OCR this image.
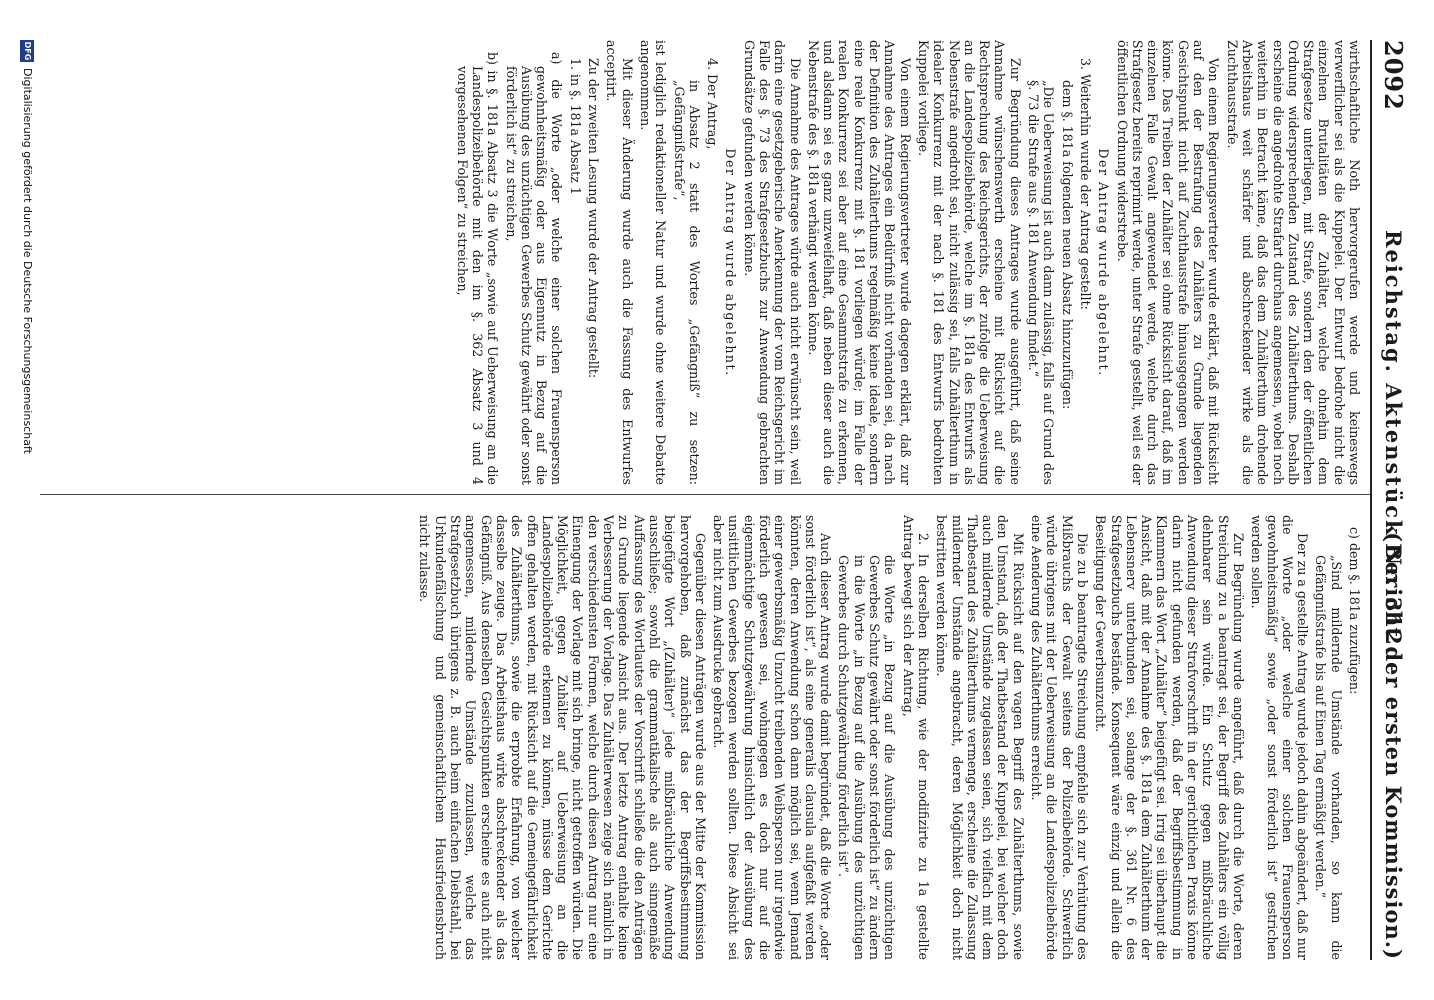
2092
Reichstag. Aktenstück Nr. 312.
(Bericht der ersten Kommission.)

wirthschaftliche Noth hervorgerufen werde und keineswegs verwerflicher sei als die Kuppelei. Der Entwurf bedrohe nicht die einzelnen Brutalitäten der Zuhälter, welche ohnehin dem Strafgesetze unterliegen, mit Strafe, sondern den der öffentlichen Ordnung widersprechenden Zustand des Zuhälterthums. Deshalb erscheine die angedrohte Strafart durchaus angemessen, wobei noch weiterhin in Betracht käme, daß das dem Zuhälterthum drohende Arbeitshaus weit schärfer und abschreckender wirke als die Zuchthausstrafe.

Von einem Regierungsvertreter wurde erklärt, daß mit Rücksicht auf den der Bestrafung des Zuhälters zu Grunde liegenden Gesichtspunkt nicht auf Zuchthausstrafe hinausgegangen werden könne. Das Treiben der Zuhälter sei ohne Rücksicht darauf, daß im einzelnen Falle Gewalt angewendet werde, welche durch das Strafgesetz bereits reprimirt werde, unter Strafe gestellt, weil es der öffentlichen Ordnung widerstrebe.

Der Antrag wurde abgelehnt.

3. Weiterhin wurde der Antrag gestellt:

dem §. 181a folgenden neuen Absatz hinzuzufügen:

„Die Ueberweisung ist auch dann zulässig, falls auf Grund des §. 73 die Strafe aus §. 181 Anwendung findet.“

Zur Begründung dieses Antrages wurde ausgeführt, daß seine Annahme wünschenswerth erscheine mit Rücksicht auf die Rechtsprechung des Reichsgerichts, der zufolge die Ueberweisung an die Landespolizeibehörde, welche im §. 181a des Entwurfs als Nebenstrafe angedroht sei, nicht zulässig sei, falls Zuhälterthum in idealer Konkurrenz mit der nach §. 181 des Entwurfs bedrohten Kuppelei vorliege.

Von einem Regierungsvertreter wurde dagegen erklärt, daß zur Annahme des Antrages ein Bedürfniß nicht vorhanden sei, da nach der Definition des Zuhälterthums regelmäßig keine ideale, sondern eine reale Konkurrenz mit §. 181 vorliegen würde; im Falle der realen Konkurrenz sei aber auf eine Gesammtstrafe zu erkennen, und alsdann sei es ganz unzweifelhaft, daß neben dieser auch die Nebenstrafe des §. 181a verhängt werden könne.

Die Annahme des Antrages würde auch nicht erwünscht sein, weil darin eine gesetzgeberische Anerkennung der vom Reichsgericht im Falle des §. 73 des Strafgesetzbuchs zur Anwendung gebrachten Grundsätze gefunden werden könne.

Der Antrag wurde abgelehnt.

4. Der Antrag,

in Absatz 2 statt des Wortes „Gefängniß“ zu setzen: „Gefängnißstrafe“,

ist lediglich redaktioneller Natur und wurde ohne weitere Debatte angenommen.

Mit dieser Änderung wurde auch die Fassung des Entwurfes acceptirt.

Zu der zweiten Lesung wurde der Antrag gestellt:

1. in §. 181a Absatz 1

a) die Worte „oder welche einer solchen Frauensperson gewohnheitsmäßig oder aus Eigennutz in Bezug auf die Ausübung des unzüchtigen Gewerbes Schutz gewährt oder sonst förderlich ist“ zu streichen,

b) in §. 181a Absatz 3 die Worte „sowie auf Ueberweisung an die Landespolizeibehörde mit den im §. 362 Absatz 3 und 4 vorgesehenen Folgen“ zu streichen,

c) dem §. 181a zuzufügen:

„Sind mildernde Umstände vorhanden, so kann die Gefängnißstrafe bis auf Einen Tag ermäßigt werden.“

Der zu a gestellte Antrag wurde jedoch dahin abgeändert, daß nur die Worte „oder welche einer solchen Frauensperson gewohnheitsmäßig“ sowie „oder sonst förderlich ist“ gestrichen werden sollen.

Zur Begründung wurde angeführt, daß durch die Worte, deren Streichung zu a beantragt sei, der Begriff des Zuhälters ein völlig dehnbarer sein würde. Ein Schutz gegen mißbräuchliche Anwendung dieser Strafvorschrift in der gerichtlichen Praxis könne darin nicht gefunden werden, daß der Begriffsbestimmung in Klammern das Wort „Zuhälter“ beigefügt sei. Irrig sei überhaupt die Ansicht, daß mit der Annahme des §. 181a dem Zuhälterthum der Lebensnerv unterbunden sei, solange der §. 361 Nr. 6 des Strafgesetzbuchs bestände. Konsequent wäre einzig und allein die Beseitigung der Gewerbsunzucht.

Die zu b beantragte Streichung empfehle sich zur Verhütung des Mißbrauchs der Gewalt seitens der Polizeibehörde. Schwerlich würde übrigens mit der Ueberweisung an die Landespolizeibehörde eine Aenderung des Zuhälterthums erreicht.

Mit Rücksicht auf den vagen Begriff des Zuhälterthums, sowie den Umstand, daß der Thatbestand der Kuppelei, bei welcher doch auch mildernde Umstände zugelassen seien, sich vielfach mit dem Thatbestand des Zuhälterthums vermenge, erscheine die Zulassung mildernder Umstände angebracht, deren Möglichkeit doch nicht bestritten werden könne.

2. In derselben Richtung, wie der modifizirte zu 1a gestellte Antrag bewegt sich der Antrag,

die Worte „in Bezug auf die Ausübung des unzüchtigen Gewerbes Schutz gewährt oder sonst förderlich ist“ zu ändern in die Worte „in Bezug auf die Ausübung des unzüchtigen Gewerbes durch Schutzgewährung förderlich ist“.

Auch dieser Antrag wurde damit begründet, daß die Worte „oder sonst förderlich ist“, als eine generalis clausula aufgefaßt werden könnten, deren Anwendung schon dann möglich sei, wenn Jemand einer gewerbsmäßig Unzucht treibenden Weibsperson nur irgendwie förderlich gewesen sei, wohingegen es doch nur auf die eigenmächtige Schutzgewährung hinsichtlich der Ausübung des unsittlichen Gewerbes bezogen werden sollten. Diese Absicht sei aber nicht zum Ausdrucke gebracht.

Gegenüber diesen Anträgen wurde aus der Mitte der Kommission hervorgehoben, daß zunächst das der Begriffsbestimmung beigefügte Wort „(Zuhälter)“ jede mißbräuchliche Anwendung ausschließe; sowohl die grammatikalische als auch sinngemäße Auffassung des Wortlautes der Vorschrift schließe die den Anträgen zu Grunde liegende Ansicht aus. Der letzte Antrag enthalte keine Verbesserung der Vorlage. Das Zuhälterwesen zeige sich nämlich in den verschiedensten Formen, welche durch diesen Antrag nur eine Einengung der Vorlage mit sich bringe, nicht getroffen würden. Die Möglichkeit, gegen Zuhälter auf Ueberweisung an die Landespolizeibehörde erkennen zu können, müsse dem Gerichte offen gehalten werden, mit Rücksicht auf die Gemeingefährlichkeit des Zuhälterthums, sowie die erprobte Erfahrung, von welcher dasselbe zeuge. Das Arbeitshaus wirke abschreckender als das Gefängniß. Aus denselben Gesichtspunkten erscheine es auch nicht angemessen, mildernde Umstände zuzulassen, welche das Strafgesetzbuch übrigens z. B. auch beim einfachen Diebstahl, bei Urkundenfälschung und gemeinschaftlichem Hausfriedensbruch nicht zulasse.

DFGDigitalisierung gefördert durch die Deutsche Forschungsgemeinschaft
